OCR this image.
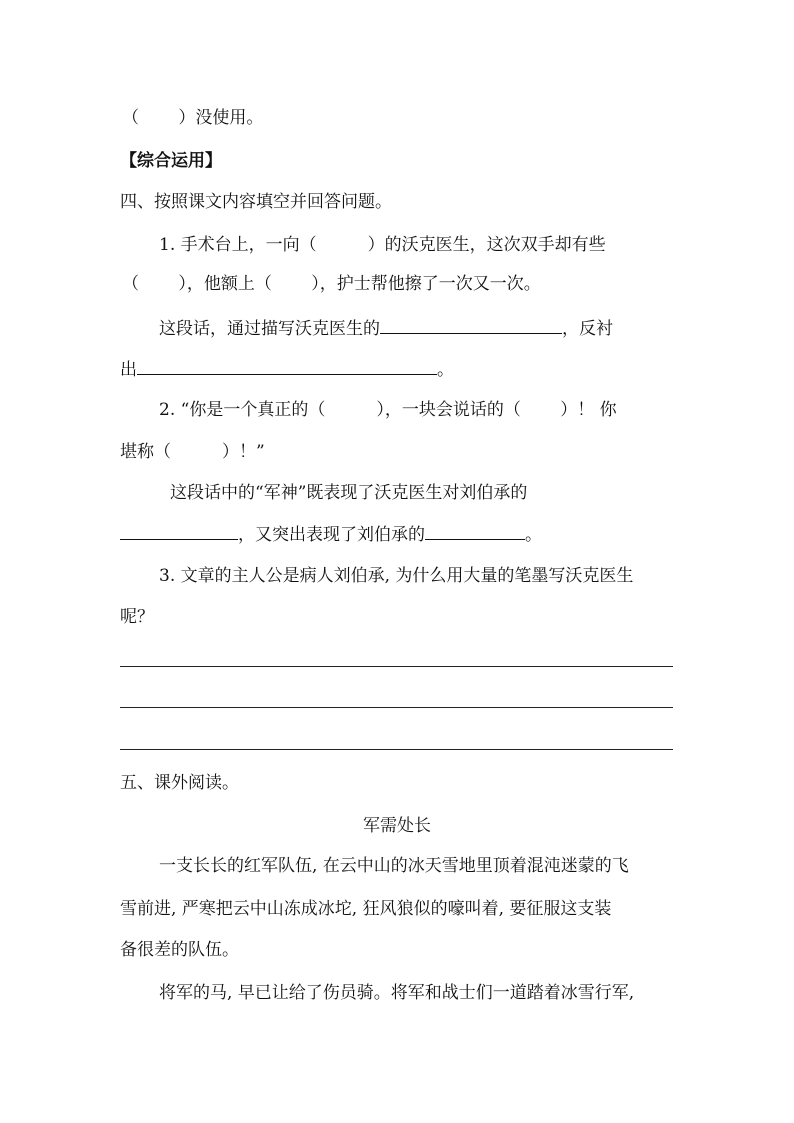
（　　 ）没使用。
【综合运用】
四、按照课文内容填空并回答问题。
1. 手术台上，一向（　　　）的沃克医生，这次双手却有些
（　　 ），他额上（　　 ），护士帮他擦了一次又一次。
这段话，通过描写沃克医生的	，反衬
出	。
2. “你是一个真正的（　　　），一块会说话的（　　 ）！ 你
堪称（　　　）！”
这段话中的“军神”既表现了沃克医生对刘伯承的
，又突出表现了刘伯承的	。
3. 文章的主人公是病人刘伯承, 为什么用大量的笔墨写沃克医生
呢？
五、课外阅读。
军需处长
一支长长的红军队伍, 在云中山的冰天雪地里顶着混沌迷蒙的飞
雪前进, 严寒把云中山冻成冰坨, 狂风狼似的嚎叫着, 要征服这支装
备很差的队伍。
将军的马, 早已让给了伤员骑。将军和战士们一道踏着冰雪行军,
